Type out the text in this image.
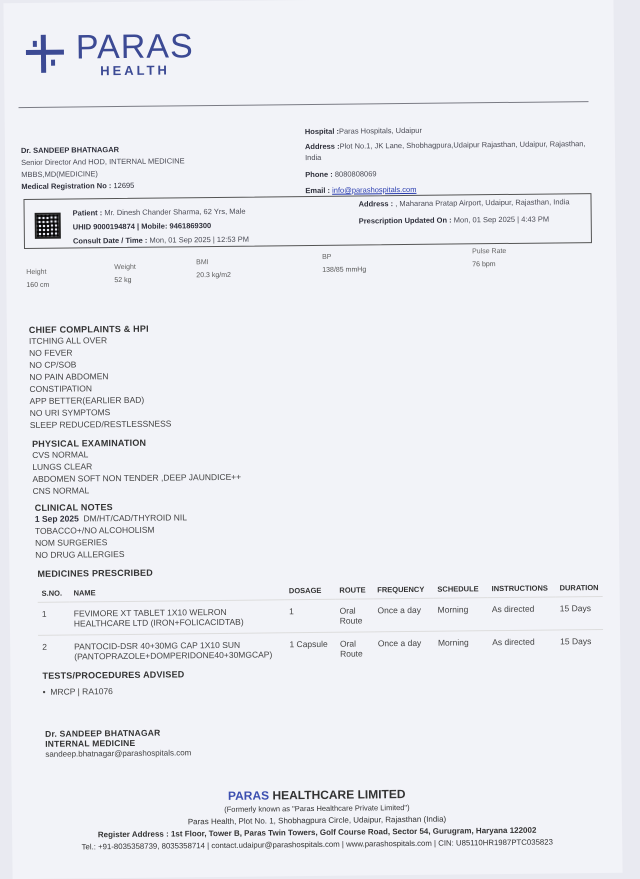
PARAS
HEALTH
Dr. SANDEEP BHATNAGAR
Senior Director And HOD, INTERNAL MEDICINE
MBBS,MD(MEDICINE)
Medical Registration No : 12695
Hospital :Paras Hospitals, Udaipur
Address :Plot No.1, JK Lane, Shobhagpura,Udaipur Rajasthan, Udaipur, Rajasthan, India
Phone : 8080808069
Email : info@parashospitals.com
Patient : Mr. Dinesh Chander Sharma, 62 Yrs, Male
UHID 9000194874 | Mobile: 9461869300
Consult Date / Time : Mon, 01 Sep 2025 | 12:53 PM
Address : , Maharana Pratap Airport, Udaipur, Rajasthan, India
Prescription Updated On : Mon, 01 Sep 2025 | 4:43 PM
Height
160 cm
Weight
52 kg
BMI
20.3 kg/m2
BP
138/85 mmHg
Pulse Rate
76 bpm
CHIEF COMPLAINTS & HPI
ITCHING ALL OVER
NO FEVER
NO CP/SOB
NO PAIN ABDOMEN
CONSTIPATION
APP BETTER(EARLIER BAD)
NO URI SYMPTOMS
SLEEP REDUCED/RESTLESSNESS
PHYSICAL EXAMINATION
CVS NORMAL
LUNGS CLEAR
ABDOMEN SOFT NON TENDER ,DEEP JAUNDICE++
CNS NORMAL
CLINICAL NOTES
1 Sep 2025 DM/HT/CAD/THYROID NIL
TOBACCO+/NO ALCOHOLISM
NOM SURGERIES
NO DRUG ALLERGIES
MEDICINES PRESCRIBED
S.NO.	NAME	DOSAGE	ROUTE	FREQUENCY	SCHEDULE	INSTRUCTIONS	DURATION
1	FEVIMORE XT TABLET 1X10 WELRON HEALTHCARE LTD (IRON+FOLICACIDTAB)	1	Oral Route	Once a day	Morning	As directed	15 Days
2	PANTOCID-DSR 40+30MG CAP 1X10 SUN (PANTOPRAZOLE+DOMPERIDONE40+30MGCAP)	1 Capsule	Oral Route	Once a day	Morning	As directed	15 Days
TESTS/PROCEDURES ADVISED
•  MRCP | RA1076
Dr. SANDEEP BHATNAGAR
INTERNAL MEDICINE
sandeep.bhatnagar@parashospitals.com
PARAS HEALTHCARE LIMITED
(Formerly known as "Paras Healthcare Private Limited")
Paras Health, Plot No. 1, Shobhagpura Circle, Udaipur, Rajasthan (India)
Register Address : 1st Floor, Tower B, Paras Twin Towers, Golf Course Road, Sector 54, Gurugram, Haryana 122002
Tel.: +91-8035358739, 8035358714 | contact.udaipur@parashospitals.com | www.parashospitals.com | CIN: U85110HR1987PTC035823
